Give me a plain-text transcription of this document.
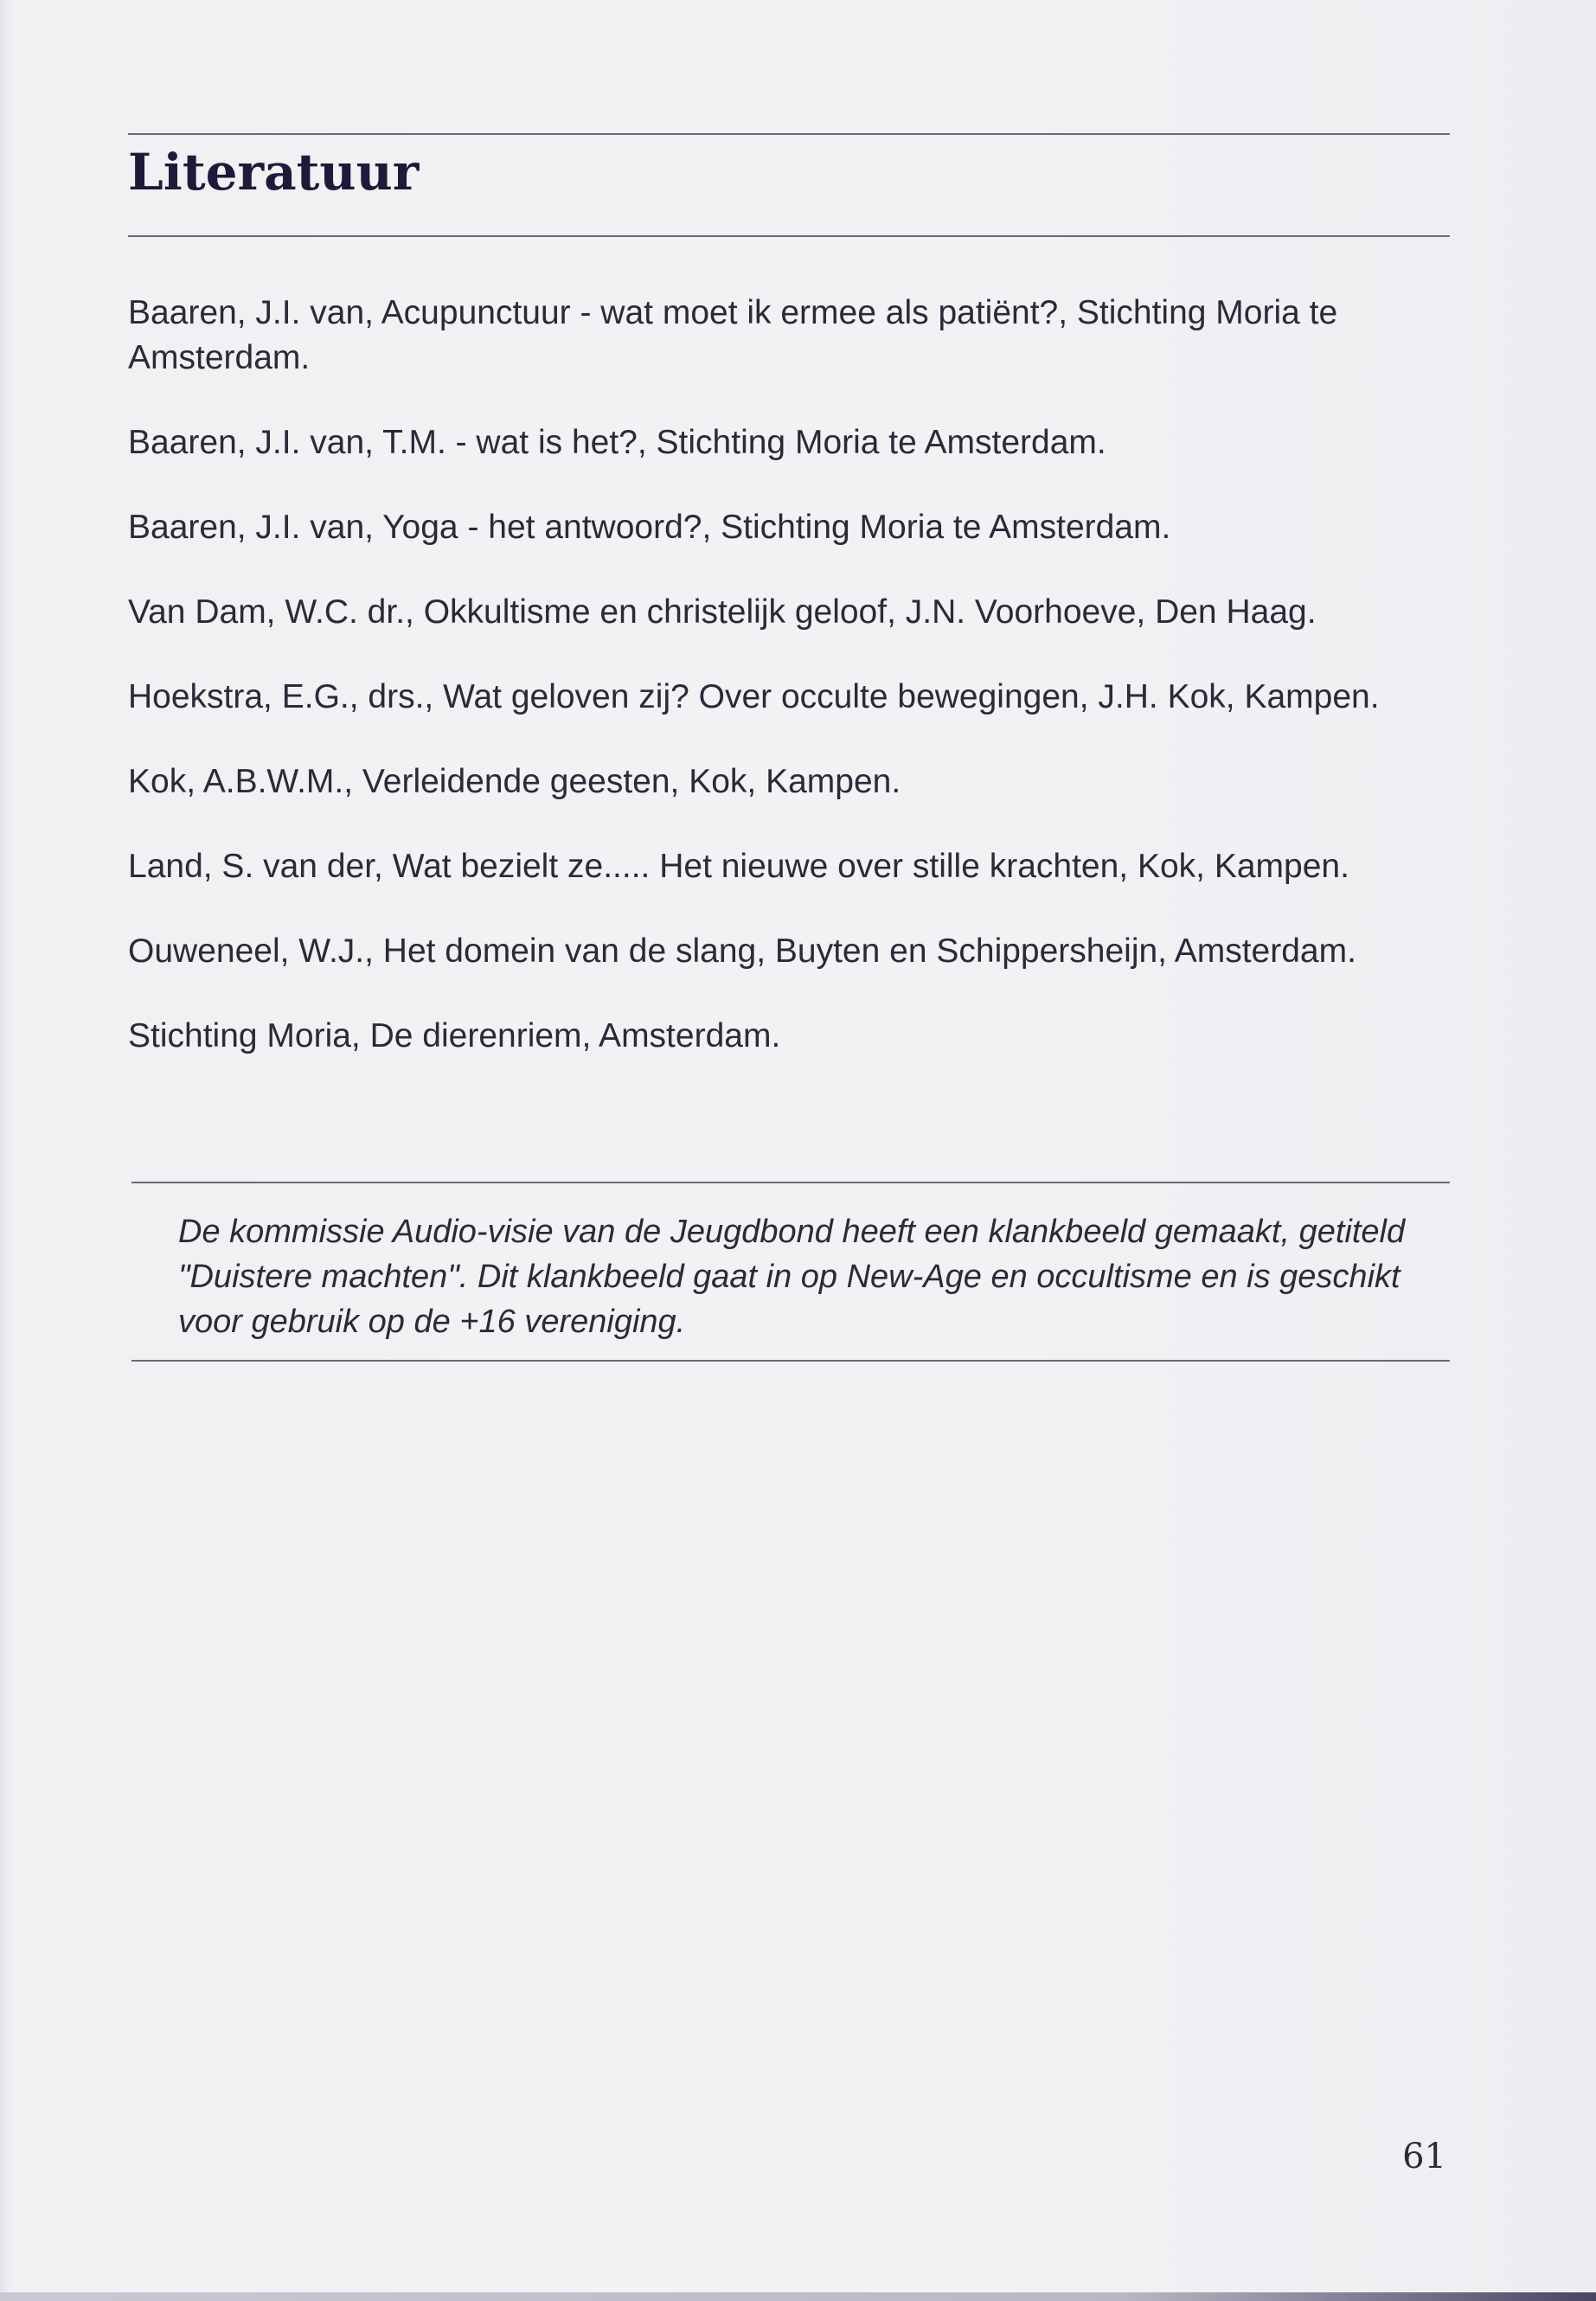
Literatuur
Baaren, J.I. van, Acupunctuur - wat moet ik ermee als patiënt?, Stichting Moria te Amsterdam.
Baaren, J.I. van, T.M. - wat is het?, Stichting Moria te Amsterdam.
Baaren, J.I. van, Yoga - het antwoord?, Stichting Moria te Amsterdam.
Van Dam, W.C. dr., Okkultisme en christelijk geloof, J.N. Voorhoeve, Den Haag.
Hoekstra, E.G., drs., Wat geloven zij? Over occulte bewegingen, J.H. Kok, Kampen.
Kok, A.B.W.M., Verleidende geesten, Kok, Kampen.
Land, S. van der, Wat bezielt ze..... Het nieuwe over stille krachten, Kok, Kampen.
Ouweneel, W.J., Het domein van de slang, Buyten en Schippersheijn, Amsterdam.
Stichting Moria, De dierenriem, Amsterdam.

De kommissie Audio-visie van de Jeugdbond heeft een klankbeeld gemaakt, getiteld "Duistere machten". Dit klankbeeld gaat in op New-Age en occultisme en is geschikt voor gebruik op de +16 vereniging.

61
